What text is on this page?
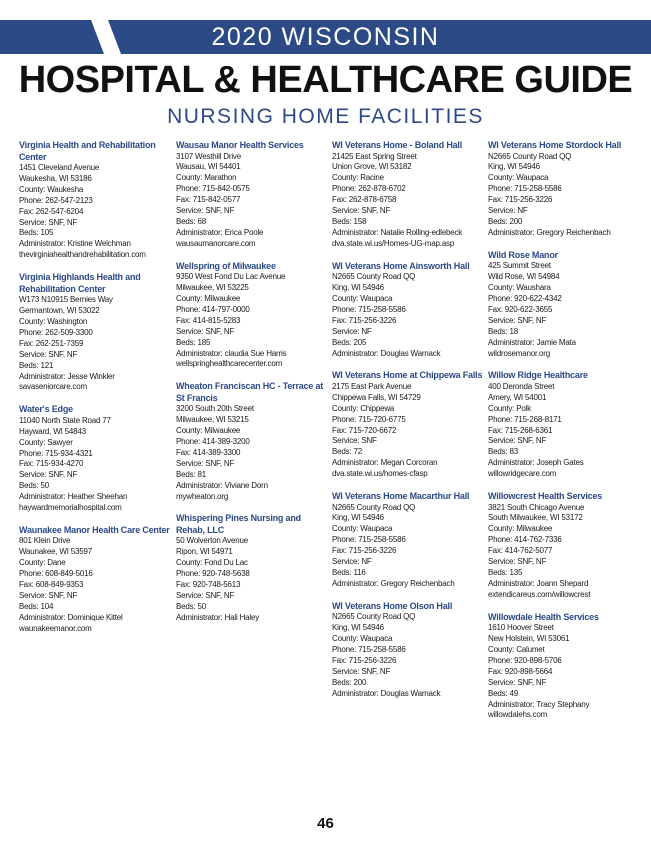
2020 WISCONSIN
HOSPITAL & HEALTHCARE GUIDE
NURSING HOME FACILITIES
Virginia Health and Rehabilitation Center
1451 Cleveland Avenue
Waukesha, WI 53186
County: Waukesha
Phone: 262-547-2123
Fax: 262-547-6204
Service: SNF, NF
Beds: 105
Administrator: Kristine Welchman
thevirginiahealthandrehabilitation.com
Virginia Highlands Health and Rehabilitation Center
W173 N10915 Bernies Way
Germantown, WI 53022
County: Washington
Phone: 262-509-3300
Fax: 262-251-7359
Service: SNF, NF
Beds: 121
Administrator: Jesse Winkler
savaseniorcare.com
Water's Edge
11040 North State Road 77
Hayward, WI 54843
County: Sawyer
Phone: 715-934-4321
Fax: 715-934-4270
Service: SNF, NF
Beds: 50
Administrator: Heather Sheehan
haywardmemorialhospital.com
Waunakee Manor Health Care Center
801 Klein Drive
Waunakee, WI 53597
County: Dane
Phone: 608-849-5016
Fax: 608-849-9353
Service: SNF, NF
Beds: 104
Administrator: Dominique Kittel
waunakeemanor.com
Wausau Manor Health Services
3107 Westhill Drive
Wausau, WI 54401
County: Marathon
Phone: 715-842-0575
Fax: 715-842-0577
Service: SNF, NF
Beds: 68
Administrator: Erica Poole
wausaumanorcare.com
Wellspring of Milwaukee
9350 West Fond Du Lac Avenue
Milwaukee, WI 53225
County: Milwaukee
Phone: 414-797-0000
Fax: 414-815-5283
Service: SNF, NF
Beds: 185
Administrator: claudia Sue Harris
wellspringhealthcarecenter.com
Wheaton Franciscan HC - Terrace at St Francis
3200 South 20th Street
Milwaukee, WI 53215
County: Milwaukee
Phone: 414-389-3200
Fax: 414-389-3300
Service: SNF, NF
Beds: 81
Administrator: Viviane Dorn
mywheaton.org
Whispering Pines Nursing and Rehab, LLC
50 Wolverton Avenue
Ripon, WI 54971
County: Fond Du Lac
Phone: 920-748-5638
Fax: 920-748-5613
Service: SNF, NF
Beds: 50
Administrator: Hali Haley
WI Veterans Home - Boland Hall
21425 East Spring Street
Union Grove, WI 53182
County: Racine
Phone: 262-878-6702
Fax: 262-878-6758
Service: SNF, NF
Beds: 158
Administrator: Natalie Rolling-edlebeck
dva.state.wi.us/Homes-UG-map.asp
WI Veterans Home Ainsworth Hall
N2665 County Road QQ
King, WI 54946
County: Waupaca
Phone: 715-258-5586
Fax: 715-256-3226
Service: NF
Beds: 205
Administrator: Douglas Warnack
WI Veterans Home at Chippewa Falls
2175 East Park Avenue
Chippewa Falls, WI 54729
County: Chippewa
Phone: 715-720-6775
Fax: 715-720-6672
Service: SNF
Beds: 72
Administrator: Megan Corcoran
dva.state.wi.us/homes-cfasp
WI Veterans Home Macarthur Hall
N2665 County Road QQ
King, WI 54946
County: Waupaca
Phone: 715-258-5586
Fax: 715-256-3226
Service: NF
Beds: 116
Administrator: Gregory Reichenbach
WI Veterans Home Olson Hall
N2665 County Road QQ
King, WI 54946
County: Waupaca
Phone: 715-258-5586
Fax: 715-256-3226
Service: SNF, NF
Beds: 200
Administrator: Douglas Warnack
WI Veterans Home Stordock Hall
N2665 County Road QQ
King, WI 54946
County: Waupaca
Phone: 715-258-5586
Fax: 715-256-3226
Service: NF
Beds: 200
Administrator: Gregory Reichenbach
Wild Rose Manor
425 Summit Street
Wild Rose, WI 54984
County: Waushara
Phone: 920-622-4342
Fax: 920-622-3655
Service: SNF, NF
Beds: 18
Administrator: Jamie Mata
wildrosemanor.org
Willow Ridge Healthcare
400 Deronda Street
Amery, WI 54001
County: Polk
Phone: 715-268-8171
Fax: 715-268-6361
Service: SNF, NF
Beds: 83
Administrator: Joseph Gates
willowridgecare.com
Willowcrest Health Services
3821 South Chicago Avenue
South Milwaukee, WI 53172
County: Milwaukee
Phone: 414-762-7336
Fax: 414-762-5077
Service: SNF, NF
Beds: 135
Administrator: Joann Shepard
extendicareus.com/willowcrest
Willowdale Health Services
1610 Hoover Street
New Holstein, WI 53061
County: Calumet
Phone: 920-898-5706
Fax: 920-898-5664
Service: SNF, NF
Beds: 49
Administrator: Tracy Stephany
willowdalehs.com
46
